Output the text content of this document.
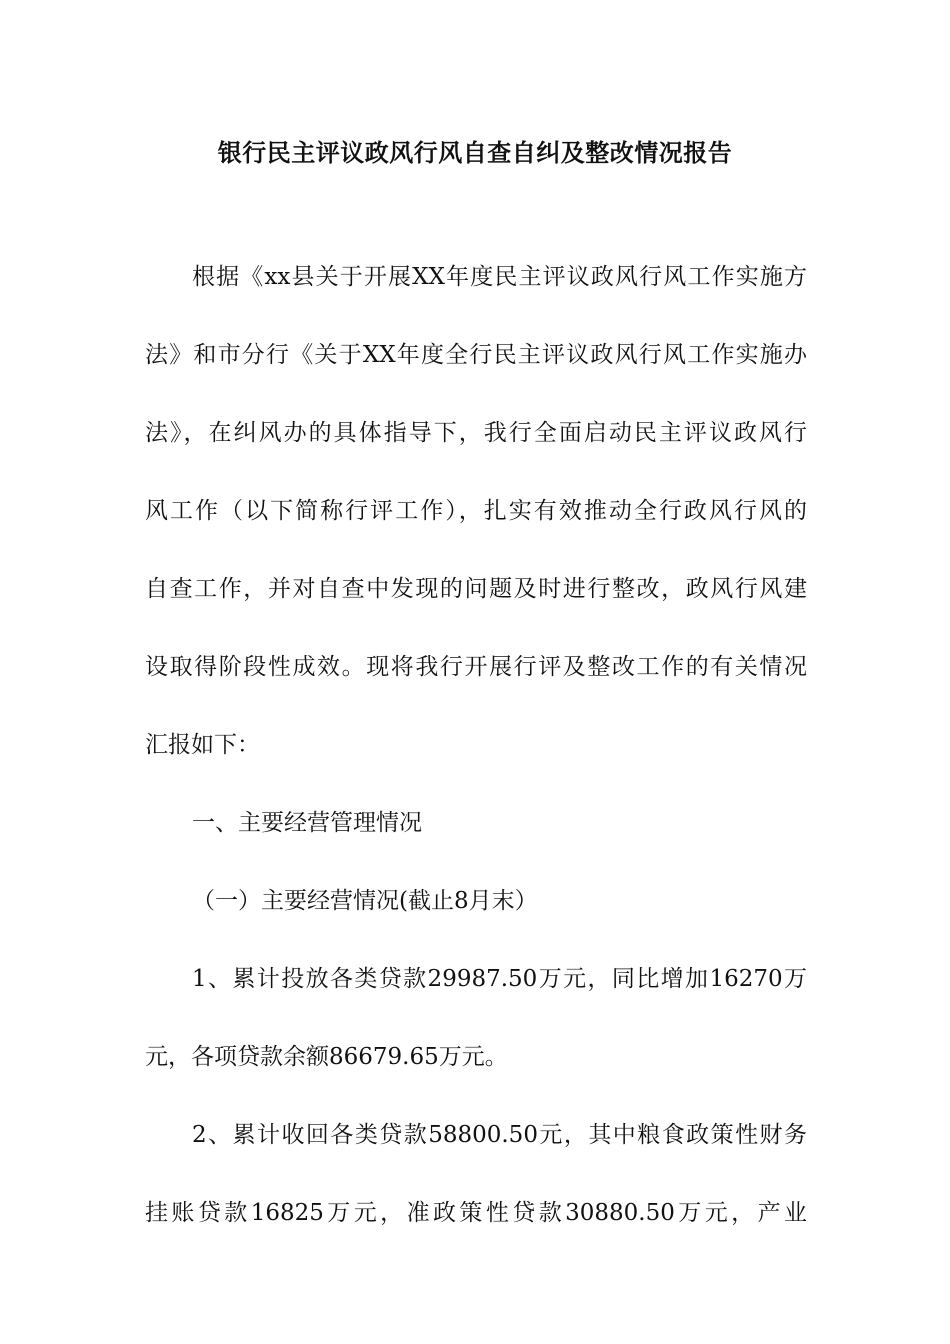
银行民主评议政风行风自查自纠及整改情况报告
根据《xx县关于开展XX年度民主评议政风行风工作实施方
法》和市分行《关于XX年度全行民主评议政风行风工作实施办
法》，在纠风办的具体指导下，我行全面启动民主评议政风行
风工作（以下简称行评工作），扎实有效推动全行政风行风的
自查工作，并对自查中发现的问题及时进行整改，政风行风建
设取得阶段性成效。现将我行开展行评及整改工作的有关情况
汇报如下：
一、主要经营管理情况
（一）主要经营情况(截止8月末）
1、累计投放各类贷款29987.50万元，同比增加16270万
元，各项贷款余额86679.65万元。
2、累计收回各类贷款58800.50元，其中粮食政策性财务
挂账贷款16825万元，准政策性贷款30880.50万元，产业
